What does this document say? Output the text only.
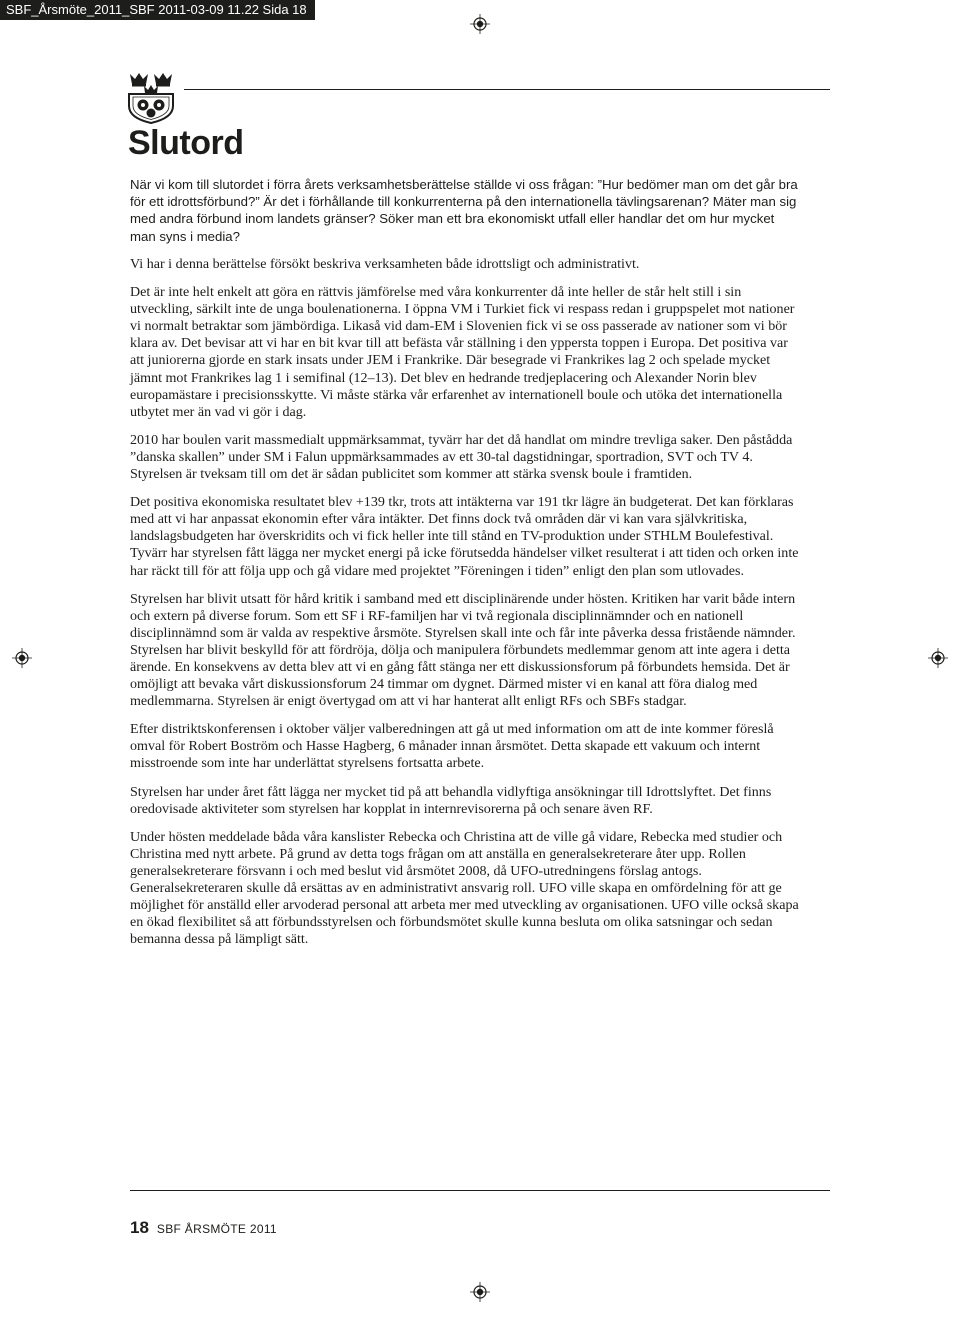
SBF_Årsmöte_2011_SBF 2011-03-09 11.22 Sida 18
Slutord

När vi kom till slutordet i förra årets verksamhetsberättelse ställde vi oss frågan: ”Hur bedömer man om det går bra för ett idrottsförbund?” Är det i förhållande till konkurrenterna på den internationella tävlingsarenan? Mäter man sig med andra förbund inom landets gränser? Söker man ett bra ekonomiskt utfall eller handlar det om hur mycket man syns i media?

Vi har i denna berättelse försökt beskriva verksamheten både idrottsligt och administrativt.

Det är inte helt enkelt att göra en rättvis jämförelse med våra konkurrenter då inte heller de står helt still i sin utveckling, särkilt inte de unga boulenationerna. I öppna VM i Turkiet fick vi respass redan i gruppspelet mot nationer vi normalt betraktar som jämbördiga. Likaså vid dam-EM i Slovenien fick vi se oss passerade av nationer som vi bör klara av. Det bevisar att vi har en bit kvar till att befästa vår ställning i den yppersta toppen i Europa. Det positiva var att juniorerna gjorde en stark insats under JEM i Frankrike. Där besegrade vi Frankrikes lag 2 och spelade mycket jämnt mot Frankrikes lag 1 i semifinal (12–13). Det blev en hedrande tredjeplacering och Alexander Norin blev europamästare i precisionsskytte. Vi måste stärka vår erfarenhet av internationell boule och utöka det internationella utbytet mer än vad vi gör i dag.

2010 har boulen varit massmedialt uppmärksammat, tyvärr har det då handlat om mindre trevliga saker. Den påstådda ”danska skallen” under SM i Falun uppmärksammades av ett 30-tal dagstidningar, sportradion, SVT och TV 4. Styrelsen är tveksam till om det är sådan publicitet som kommer att stärka svensk boule i framtiden.

Det positiva ekonomiska resultatet blev +139 tkr, trots att intäkterna var 191 tkr lägre än budgeterat. Det kan förklaras med att vi har anpassat ekonomin efter våra intäkter. Det finns dock två områden där vi kan vara självkritiska, landslagsbudgeten har överskridits och vi fick heller inte till stånd en TV-produktion under STHLM Boulefestival. Tyvärr har styrelsen fått lägga ner mycket energi på icke förutsedda händelser vilket resulterat i att tiden och orken inte har räckt till för att följa upp och gå vidare med projektet ”Föreningen i tiden” enligt den plan som utlovades.

Styrelsen har blivit utsatt för hård kritik i samband med ett disciplinärende under hösten. Kritiken har varit både intern och extern på diverse forum. Som ett SF i RF-familjen har vi två regionala disciplinnämnder och en nationell disciplinnämnd som är valda av respektive årsmöte. Styrelsen skall inte och får inte påverka dessa fristående nämnder. Styrelsen har blivit beskylld för att fördröja, dölja och manipulera förbundets medlemmar genom att inte agera i detta ärende. En konsekvens av detta blev att vi en gång fått stänga ner ett diskussionsforum på förbundets hemsida. Det är omöjligt att bevaka vårt diskussionsforum 24 timmar om dygnet. Därmed mister vi en kanal att föra dialog med medlemmarna. Styrelsen är enigt övertygad om att vi har hanterat allt enligt RFs och SBFs stadgar.

Efter distriktskonferensen i oktober väljer valberedningen att gå ut med information om att de inte kommer föreslå omval för Robert Boström och Hasse Hagberg, 6 månader innan årsmötet. Detta skapade ett vakuum och internt misstroende som inte har underlättat styrelsens fortsatta arbete.

Styrelsen har under året fått lägga ner mycket tid på att behandla vidlyftiga ansökningar till Idrottslyftet. Det finns oredovisade aktiviteter som styrelsen har kopplat in internrevisorerna på och senare även RF.

Under hösten meddelade båda våra kanslister Rebecka och Christina att de ville gå vidare, Rebecka med studier och Christina med nytt arbete. På grund av detta togs frågan om att anställa en generalsekreterare åter upp. Rollen generalsekreterare försvann i och med beslut vid årsmötet 2008, då UFO-utredningens förslag antogs. Generalsekreteraren skulle då ersättas av en administrativt ansvarig roll. UFO ville skapa en omfördelning för att ge möjlighet för anställd eller arvoderad personal att arbeta mer med utveckling av organisationen. UFO ville också skapa en ökad flexibilitet så att förbundsstyrelsen och förbundsmötet skulle kunna besluta om olika satsningar och sedan bemanna dessa på lämpligt sätt.

18 SBF ÅRSMÖTE 2011
